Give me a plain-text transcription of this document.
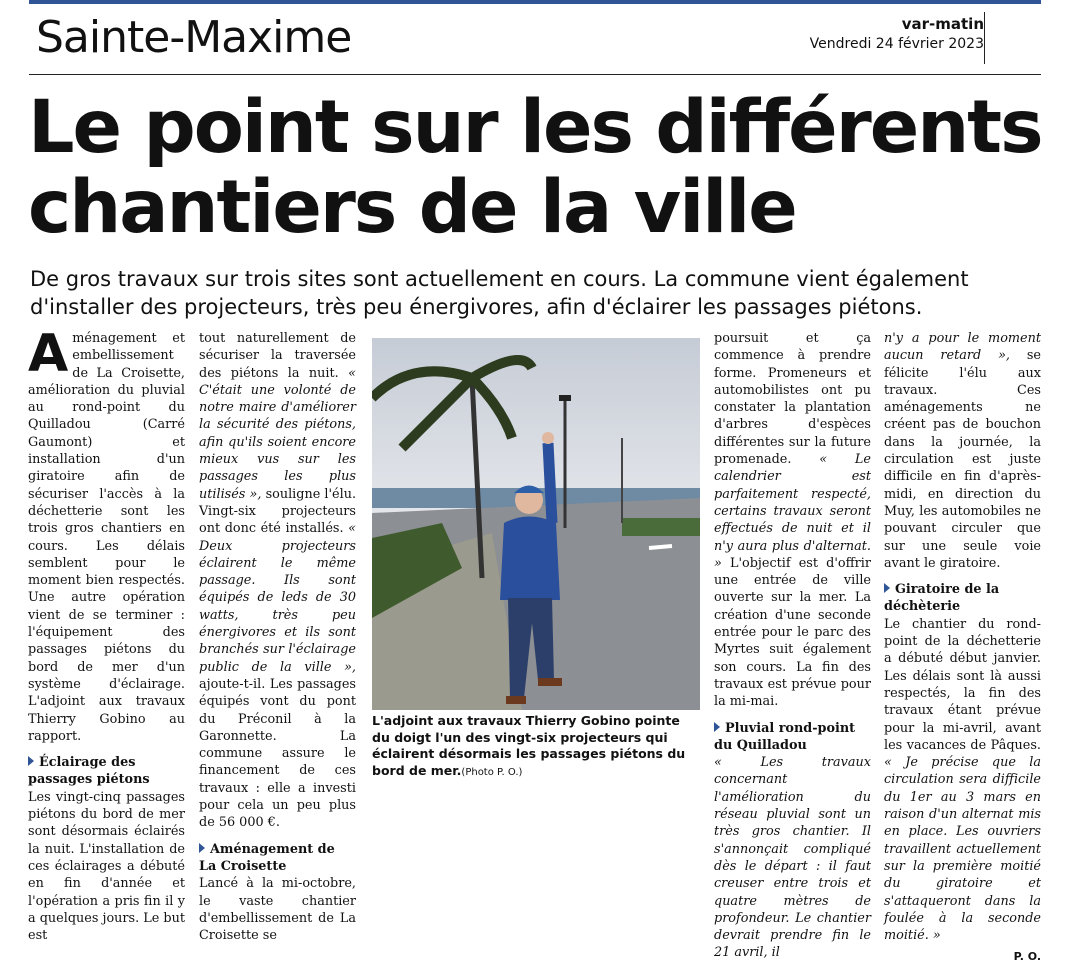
Sainte-Maxime	var-matin
Vendredi 24 février 2023
Le point sur les différents
chantiers de la ville

De gros travaux sur trois sites sont actuellement en cours. La commune vient également d'installer des projecteurs, très peu énergivores, afin d'éclairer les passages piétons.

Aménagement et embellissement de La Croisette, amélioration du pluvial au rond-point du Quilladou (Carré Gaumont) et installation d'un giratoire afin de sécuriser l'accès à la déchetterie sont les trois gros chantiers en cours. Les délais semblent pour le moment bien respectés. Une autre opération vient de se terminer : l'équipement des passages piétons du bord de mer d'un système d'éclairage. L'adjoint aux travaux Thierry Gobino au rapport.

Éclairage des passages piétons

Les vingt-cinq passages piétons du bord de mer sont désormais éclairés la nuit. L'installation de ces éclairages a débuté en fin d'année et l'opération a pris fin il y a quelques jours. Le but est

tout naturellement de sécuriser la traversée des piétons la nuit. « C'était une volonté de notre maire d'améliorer la sécurité des piétons, afin qu'ils soient encore mieux vus sur les passages les plus utilisés », souligne l'élu. Vingt-six projecteurs ont donc été installés. « Deux projecteurs éclairent le même passage. Ils sont équipés de leds de 30 watts, très peu énergivores et ils sont branchés sur l'éclairage public de la ville », ajoute-t-il. Les passages équipés vont du pont du Préconil à la Garonnette. La commune assure le financement de ces travaux : elle a investi pour cela un peu plus de 56 000 €.

Aménagement de La Croisette

Lancé à la mi-octobre, le vaste chantier d'embellissement de La Croisette se

L'adjoint aux travaux Thierry Gobino pointe du doigt l'un des vingt-six projecteurs qui éclairent désormais les passages piétons du bord de mer.(Photo P. O.)

poursuit et ça commence à prendre forme. Promeneurs et automobilistes ont pu constater la plantation d'arbres d'espèces différentes sur la future promenade. « Le calendrier est parfaitement respecté, certains travaux seront effectués de nuit et il n'y aura plus d'alternat. » L'objectif est d'offrir une entrée de ville ouverte sur la mer. La création d'une seconde entrée pour le parc des Myrtes suit également son cours. La fin des travaux est prévue pour la mi-mai.

Pluvial rond-point du Quilladou

« Les travaux concernant l'amélioration du réseau pluvial sont un très gros chantier. Il s'annonçait compliqué dès le départ : il faut creuser entre trois et quatre mètres de profondeur. Le chantier devrait prendre fin le 21 avril, il

n'y a pour le moment aucun retard », se félicite l'élu aux travaux. Ces aménagements ne créent pas de bouchon dans la journée, la circulation est juste difficile en fin d'après-midi, en direction du Muy, les automobiles ne pouvant circuler que sur une seule voie avant le giratoire.

Giratoire de la déchèterie

Le chantier du rond-point de la déchetterie a débuté début janvier. Les délais sont là aussi respectés, la fin des travaux étant prévue pour la mi-avril, avant les vacances de Pâques. « Je précise que la circulation sera difficile du 1er au 3 mars en raison d'un alternat mis en place. Les ouvriers travaillent actuellement sur la première moitié du giratoire et s'attaqueront dans la foulée à la seconde moitié. »

P. O.
